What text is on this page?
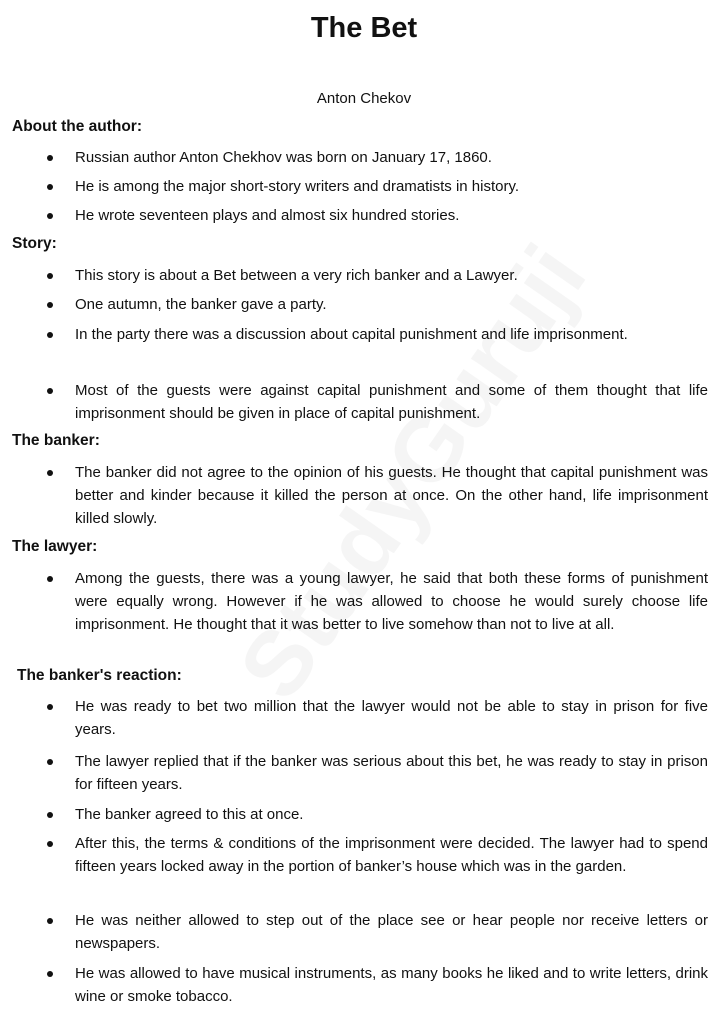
The Bet
Anton Chekov
About the author:
Russian author Anton Chekhov was born on January 17, 1860.
He is among the major short-story writers and dramatists in history.
He wrote seventeen plays and almost six hundred stories.
Story:
This story is about a Bet between a very rich banker and a Lawyer.
One autumn, the banker gave a party.
In the party there was a discussion about capital punishment and life imprisonment.
Most of the guests were against capital punishment and some of them thought that life imprisonment should be given in place of capital punishment.
The banker:
The banker did not agree to the opinion of his guests. He thought that capital punishment was better and kinder because it killed the person at once. On the other hand, life imprisonment killed slowly.
The lawyer:
Among the guests, there was a young lawyer, he said that both these forms of punishment were equally wrong. However if he was allowed to choose he would surely choose life imprisonment. He thought that it was better to live somehow than not to live at all.
The banker's reaction:
He was ready to bet two million that the lawyer would not be able to stay in prison for five years.
The lawyer replied that if the banker was serious about this bet, he was ready to stay in prison for fifteen years.
The banker agreed to this at once.
After this, the terms & conditions of the imprisonment were decided. The lawyer had to spend fifteen years locked away in the portion of banker’s house which was in the garden.
He was neither allowed to step out of the place see or hear people nor receive letters or newspapers.
He was allowed to have musical instruments, as many books he liked and to write letters, drink wine or smoke tobacco.
